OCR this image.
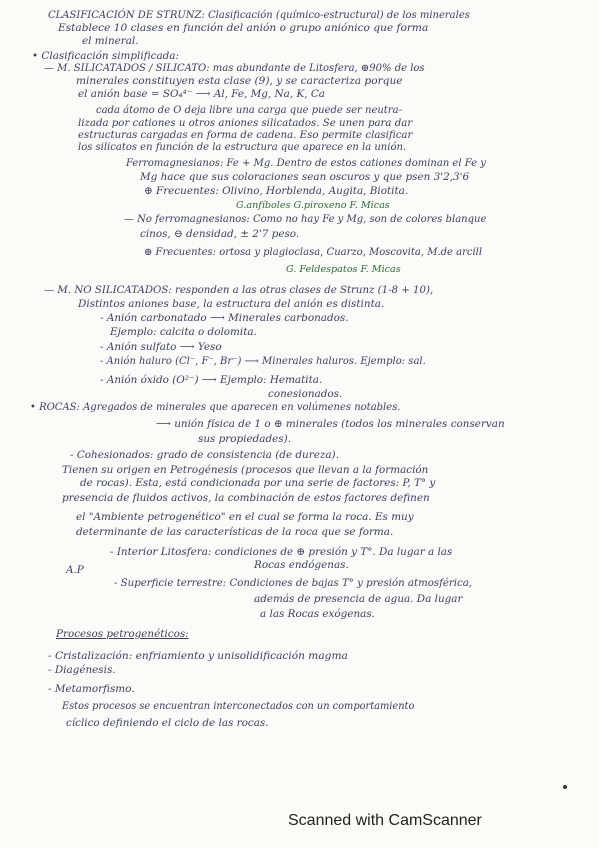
CLASIFICACIÓN DE STRUNZ: Clasificación (químico-estructural) de los minerales
Establece 10 clases en función del anión o grupo aniónico que forma
el mineral.
• Clasificación simplificada:
— M. SILICATADOS / SILICATO: mas abundante de Litosfera, ⊕90% de los
minerales constituyen esta clase (9), y se caracteriza porque
el anión base = SO₄⁴⁻ ⟶ Al, Fe, Mg, Na, K, Ca
cada átomo de O deja libre una carga que puede ser neutra-
lizada por cationes u otros aniones silicatados. Se unen para dar
estructuras cargadas en forma de cadena. Eso permite clasificar
los silicatos en función de la estructura que aparece en la unión.
Ferromagnesianos: Fe + Mg. Dentro de estos cationes dominan el Fe y
Mg hace que sus coloraciones sean oscuros y que psen 3'2,3'6
⊕ Frecuentes: Olivino, Horblenda, Augita, Biotita.
G.anfíboles G.piroxeno F. Micas
— No ferromagnesianos: Como no hay Fe y Mg, son de colores blanque
cinos, ⊖ densidad, ± 2'7 peso.
⊕ Frecuentes: ortosa y plagioclasa, Cuarzo, Moscovita, M.de arcill
G. Feldespatos F. Micas
— M. NO SILICATADOS: responden a las otras clases de Strunz (1-8 + 10),
Distintos aniones base, la estructura del anión es distinta.
- Anión carbonatado ⟶ Minerales carbonados.
Ejemplo: calcita o dolomita.
- Anión sulfato ⟶ Yeso
- Anión haluro (Cl⁻, F⁻, Br⁻) ⟶ Minerales haluros. Ejemplo: sal.
- Anión óxido (O²⁻) ⟶ Ejemplo: Hematita.
conesionados.
• ROCAS: Agregados de minerales que aparecen en volúmenes notables.
⟶ unión física de 1 o ⊕ minerales (todos los minerales conservan
sus propiedades).
- Cohesionados: grado de consistencia (de dureza).
Tienen su origen en Petrogénesis (procesos que llevan a la formación
de rocas). Esta, está condicionada por una serie de factores: P, T° y
presencia de fluidos activos, la combinación de estos factores definen
el "Ambiente petrogenético" en el cual se forma la roca. Es muy
determinante de las características de la roca que se forma.
- Interior Litosfera: condiciones de ⊕ presión y T°. Da lugar a las
Rocas endógenas.
A.P
- Superficie terrestre: Condiciones de bajas T° y presión atmosférica,
además de presencia de agua. Da lugar
a las Rocas exógenas.
Procesos petrogenéticos:
- Cristalización: enfriamiento y unisolidificación magma
- Diagénesis.
- Metamorfismo.
Estos procesos se encuentran interconectados con un comportamiento
cíclico definiendo el ciclo de las rocas.
Scanned with CamScanner
